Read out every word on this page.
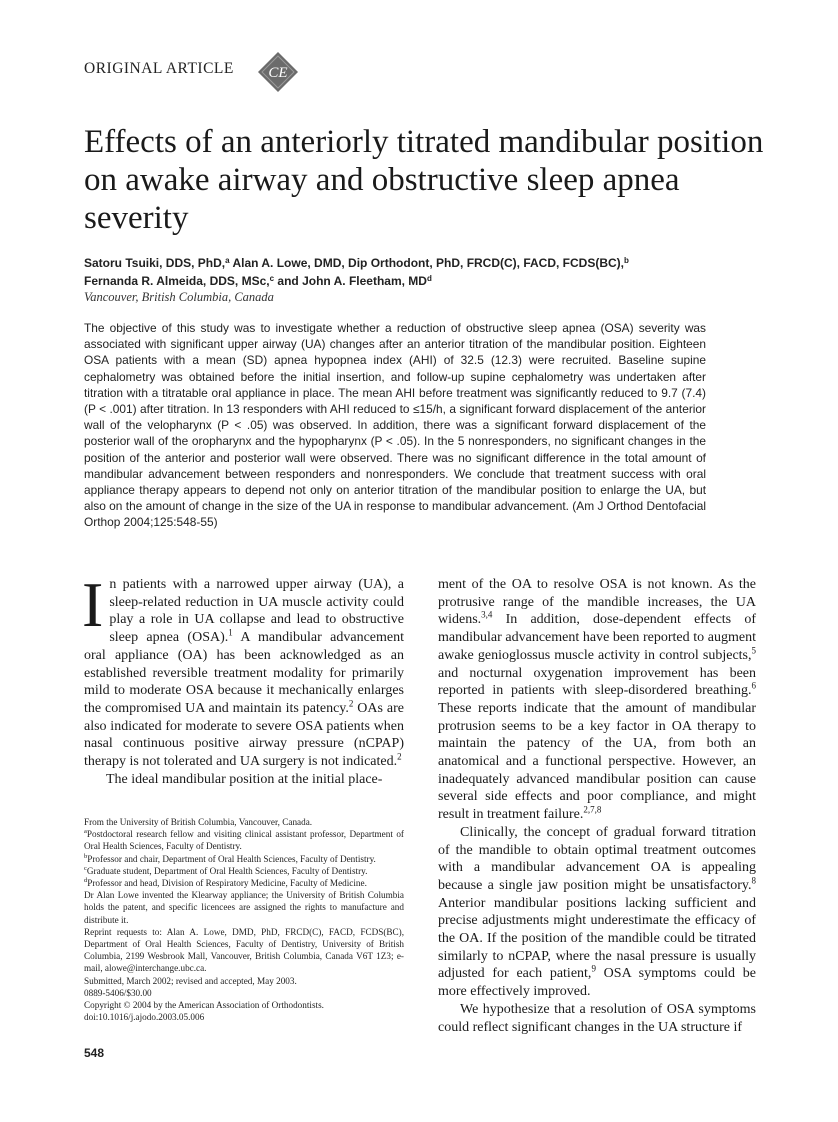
ORIGINAL ARTICLE CE
Effects of an anteriorly titrated mandibular position on awake airway and obstructive sleep apnea severity
Satoru Tsuiki, DDS, PhD,$^a$ Alan A. Lowe, DMD, Dip Orthodont, PhD, FRCD(C), FACD, FCDS(BC),$^b$
Fernanda R. Almeida, DDS, MSc,$^c$ and John A. Fleetham, $MD^d$
Vancouver, British Columbia, Canada

The objective of this study was to investigate whether a reduction of obstructive sleep apnea (OSA) severity was associated with significant upper airway (UA) changes after an anterior titration of the mandibular position. Eighteen OSA patients with a mean (SD) apnea hypopnea index (AHI) of 32.5 (12.3) were recruited. Baseline supine cephalometry was obtained before the initial insertion, and follow-up supine cephalometry was undertaken after titration with a titratable oral appliance in place. The mean AHI before treatment was significantly reduced to 9.7 (7.4) (P < .001) after titration. In 13 responders with AHI reduced to ≤15/h, a significant forward displacement of the anterior wall of the velopharynx (P < .05) was observed. In addition, there was a significant forward displacement of the posterior wall of the oropharynx and the hypopharynx (P < .05). In the 5 nonresponders, no significant changes in the position of the anterior and posterior wall were observed. There was no significant difference in the total amount of mandibular advancement between responders and nonresponders. We conclude that treatment success with oral appliance therapy appears to depend not only on anterior titration of the mandibular position to enlarge the UA, but also on the amount of change in the size of the UA in response to mandibular advancement. (Am J Orthod Dentofacial Orthop 2004;125:548-55)

In patients with a narrowed upper airway (UA), a sleep-related reduction in UA muscle activity could play a role in UA collapse and lead to obstructive sleep apnea (OSA).$^1$ A mandibular advancement oral appliance (OA) has been acknowledged as an established reversible treatment modality for primarily mild to moderate OSA because it mechanically enlarges the compromised UA and maintain its patency.$^2$ OAs are also indicated for moderate to severe OSA patients when nasal continuous positive airway pressure (nCPAP) therapy is not tolerated and UA surgery is not indicated.$^2$

The ideal mandibular position at the initial place-

ment of the OA to resolve OSA is not known. As the protrusive range of the mandible increases, the UA widens.$^{3,4}$ In addition, dose-dependent effects of mandibular advancement have been reported to augment awake genioglossus muscle activity in control subjects,$^5$ and nocturnal oxygenation improvement has been reported in patients with sleep-disordered breathing.$^6$ These reports indicate that the amount of mandibular protrusion seems to be a key factor in OA therapy to maintain the patency of the UA, from both an anatomical and a functional perspective. However, an inadequately advanced mandibular position can cause several side effects and poor compliance, and might result in treatment failure.$^{2,7,8}$

Clinically, the concept of gradual forward titration of the mandible to obtain optimal treatment outcomes with a mandibular advancement OA is appealing because a single jaw position might be unsatisfactory.$^8$ Anterior mandibular positions lacking sufficient and precise adjustments might underestimate the efficacy of the OA. If the position of the mandible could be titrated similarly to nCPAP, where the nasal pressure is usually adjusted for each patient,$^9$ OSA symptoms could be more effectively improved.

We hypothesize that a resolution of OSA symptoms could reflect significant changes in the UA structure if

From the University of British Columbia, Vancouver, Canada.

$^a$Postdoctoral research fellow and visiting clinical assistant professor, Department of Oral Health Sciences, Faculty of Dentistry.

$^b$Professor and chair, Department of Oral Health Sciences, Faculty of Dentistry.

$^c$Graduate student, Department of Oral Health Sciences, Faculty of Dentistry.

$^d$Professor and head, Division of Respiratory Medicine, Faculty of Medicine.

Dr Alan Lowe invented the Klearway appliance; the University of British Columbia holds the patent, and specific licencees are assigned the rights to manufacture and distribute it.

Reprint requests to: Alan A. Lowe, DMD, PhD, FRCD(C), FACD, FCDS(BC), Department of Oral Health Sciences, Faculty of Dentistry, University of British Columbia, 2199 Wesbrook Mall, Vancouver, British Columbia, Canada V6T 1Z3; e-mail, alowe@interchange.ubc.ca.

Submitted, March 2002; revised and accepted, May 2003.

0889-5406/$30.00

Copyright © 2004 by the American Association of Orthodontists.

doi:10.1016/j.ajodo.2003.05.006

548
